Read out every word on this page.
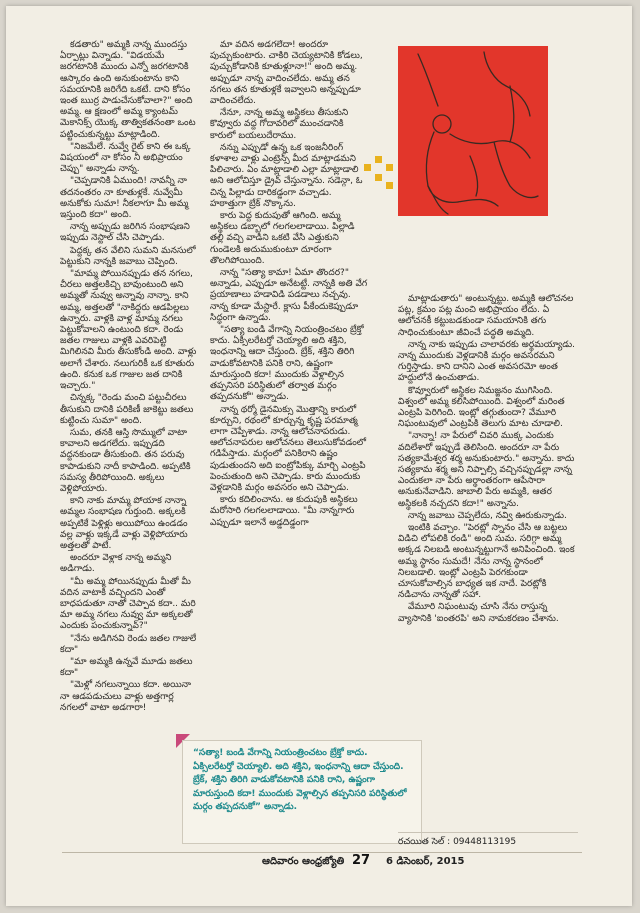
కడతారు" అమ్మకి నాన్న ముందస్తు ఏర్పాట్లు విన్నాడు. "విడయమే జరగటానికి ముందు ఎన్నో జరగటానికి ఆస్కారం ఉంది అనుకుంటాను కాని సమయానికి జరిగేది ఒకటే. దాని కోసం ఇంత ఋర్ర పాడుచేసుకోవాలా?" అంది అమ్మ. ఆ క్షణంలో అమ్మ క్యాంటమ్ మెకానిక్స్ యొక్క తాత్వికతనంతా ఒంట పట్టించుకున్నట్టు మాట్లాడింది.

"నిజమేలే. నువ్వే రైట్ కాని ఈ ఒక్క విషయంలో నా కోసం నీ అభిప్రాయం చెప్పు" అన్నాడు నాన్న.

"చెప్పడానికి ఏముంది! నావన్నీ నా తదనంతరం నా కూతుళ్లకే. నువ్వేమీ అనుకోకు సుమా! నీకలాగూ మీ అమ్మ ఇస్తుంది కదా" అంది.

నాన్న అప్పుడు జరిగిన సంభాషణని ఇప్పుడు నెస్టాల్ చేసి చెప్పాడు.

పెద్దక్క తన వేలిని సుమని మనసులో పెట్టుకుని నాన్నకి జవాబు చెప్పింది.

"మామ్మ పోయినప్పుడు తన నగలు, చీరలు అత్తలకిచ్చి బావుంటుంది అని అమ్మతో నువ్వు అన్నావు నాన్నా. కాని అమ్మ, అత్తలతో "నాకిద్దరు ఆడపిల్లలు ఉన్నారు. వాళ్లకి వాళ్ల మామ్మ నగలు పెట్టుకోవాలని ఉంటుంది కదా. రెండు జతల గాజులు వాళ్లకి ఎవరిపెట్టి మిగిలినవి మీరు తీసుకోండి అంది. వాళ్లు అలాగే చేశారు. నలుగురికీ ఒక కూతురు ఉంది. కనుక ఒక గాజుల జత దానికి ఇచ్చారు."

చిన్నక్క "రెండు మంచి పట్టుచీరలు తీసుకుని దానికి పరికిణీ జాకెట్టు జతలు కుట్టించు సుమా" అంది.

సుమ, తనకి ఆస్తి సొమ్ములో వాటా కావాలని అడగలేదు. ఇప్పుడది వద్దనకుండా తీసుకుంది. తన పరువు కాపాడుకుని నాదీ కాపాడింది. అప్పటికి సమస్య తీరిపోయింది. అక్కలు వెళ్లిపోయారు.

కాని నాకు మామ్మ పోయాక నాన్నా అమ్మల సంభాషణ గుర్తుంది. అక్కలకి అప్పటికే పెళ్లిళ్లు అయిపోయి ఉండడం వల్ల వాళ్లు ఇక్కడే వాళ్లు వెళ్లిపోయారు అత్తలతో పాటే.

అందరూ వెళ్లాక నాన్న అమ్మని అడిగాడు.

"మీ అమ్మ పోయినప్పుడు మీతో మీ వదిన వాటాకి వచ్చిందని ఎంతో బాధపడుతూ నాతో చెప్పావ కదా.. మరి మా అమ్మ నగలు నువ్వు మా అక్కలతో ఎందుకు పంచుకున్నావ్?"

"నేను అడిగినవి రెండు జతల గాజులే కదా"

"మా అమ్మకి ఉన్నవే మూడు జతలు కదా"

"మెళ్లో నగలున్నాయి కదా. అయినా నా ఆడపడుచులు వాళ్లు అత్తగార్ల నగలలో వాటా అడగారా!

మా వదిన అడగలేదా! అందరూ పుచ్చుకుంటారు. చాకిరి చెయ్యటానికి కోడలు, పుచ్చుకోడానికి కూతుళ్లూనా!" అంది అమ్మ. అప్పుడూ నాన్న వాదించలేదు. అమ్మ తన నగలు తన కూతుళ్లకే ఇవ్వాలని అన్నప్పుడూ వాదించలేదు.

నేనూ, నాన్న అమ్మ అస్థికలు తీసుకుని కొవ్వూరు వద్ద గోదావరిలో ముంచడానికి కారులో బయలుదేరాము.

నన్ను ఎప్పుడో ఉన్న ఒక ఇంజనీరింగ్ కళాశాల వాళ్లు ఎంట్రెన్స్ మీద మాట్లాడమని పిలిచారు. ఏం మాట్లాడాలి ఎల్లా మాట్లాడాలి అని ఆలోచిస్తూ డ్రైవ్ చేస్తున్నాను. సడెన్గా, ఓ చిన్న పిల్లాడు దారికడ్డంగా వచ్చాడు. హఠాత్తుగా బ్రేక్ నొక్కాను.

కారు పెద్ద కుదుపుతో ఆగింది. అమ్మ అస్థికలు డబ్బాలో గలగలలాడాయి. పిల్లాడి తల్లి వచ్చి వాడిని ఒకటి వేసి ఎత్తుకుని గుండెలకి అదుముకుంటూ దూరంగా తొలగిపోయింది.

నాన్న "సత్యా కామా! ఏమా తొందర?" అన్నాడు, ఎప్పుడూ అనేటట్టే. నాన్నకి అతి వేగ ప్రయాణాలు హడావిడి పడడాలు నచ్చవు. నాన్న కూడా మేస్టారే. క్లాసు పీకేందుకెప్పుడూ సిద్ధంగా ఉన్నాడు.

"సత్యా బండి వేగాన్ని నియంత్రించటం బ్రేక్తో కాదు. ఏక్సిలరేటర్తో చెయ్యాలి అది శక్తిని, ఇంధనాన్ని ఆదా చేస్తుంది. బ్రేక్, శక్తిని తిరిగి వాడుకోవటానికి పనికి రాని, ఉష్ణంగా మారుస్తుంది కదా! ముందుకు వెళ్లాల్సిన తప్పనిసరి పరిస్థితులో తర్వాత మర్గం తప్పదనుకో" అన్నాడు.

నాన్న థర్మో డైనమిక్సు మొత్తాన్ని కారులో కూర్చుని, రథంలో కూర్చున్న కృష్ణ పరమాత్మ లాగా చెప్పేశాడు. నాన్న ఆలోచనాపరుడు. ఆలోచనాపరుల ఆలోచనలు తెలుసుకోవడంలో గడిపేస్తాడు. మర్గంలో పనికిరాని ఉష్ణం పుడుతుందని అది ఐంట్రోపిక్కు మార్చి ఎంట్రపి పెంచుతుంది అని చెప్పాడు. కారు ముందుకు వెళ్లడానికి మర్గం అవసరం అని చెప్పాడు.

కారు కదిలించాను. ఆ కుదుపుకి అస్థికలు మరోసారి గలగలలాడాయి. "మీ నాన్నగారు ఎప్పుడూ ఇలానే అడ్డదిడ్డంగా

మాట్లాడుతారు" అంటున్నట్టు. అమ్మకి ఆలోచనల పట్ల, క్రమం పట్ల మంచి అభిప్రాయం లేదు. ఏ ఆలోచనకీ కట్టుబడకుండా సమయానికి తగు సాధించుకుంటూ జీవించే పద్ధతి అమ్మది.

నాన్న నాకు ఇప్పుడు చాలావరకు అర్థమయ్యాడు. నాన్న ముందుకు వెళ్లడానికి మర్గం అవసరమని గుర్తిస్తాడు. కాని దానిని ఎంత అవసరమో అంత హద్దులోనే ఉంచుతాడు.

కొవ్వూరులో అస్థికల నిమజ్జనం ముగిసింది. విశ్వంలో అమ్మ కలిసిపోయింది. విశ్వంలో మరింత ఎంట్రపి పెరిగింది. ఇంట్లో తగ్గుతుందా? వేమూరి నిఘంటువులో ఎంట్రపికి తెలుగు మాట చూడాలి.

"నాన్నా! నా పేరులో చివరి ముక్క ఎందుకు వదిలేశారో ఇప్పుడే తెలిసింది. అందరూ నా పేరు సత్యకామేశ్వర శర్మ అనుకుంటారు." అన్నాను. కాదు సత్యకామ శర్మ అని నిప్పాల్సి వచ్చినప్పుడల్లా నాన్న ఎందుకలా నా పేరు అర్థాంతరంగా ఆపేసారా అనుకునేవాడిని. జాబాలి పేరు అమ్మకి, ఆతర అస్థికలకి నచ్చదని కదా!" అన్నాను.

నాన్న జవాబు చెప్పలేదు, నవ్వి ఊరుకున్నాడు.

ఇంటికి వచ్చాం. "పెరట్లో స్నానం చేసి ఆ బట్టలు విడిచి లోపలికి రండి" అంది సుమ. సరిగ్గా అమ్మ అక్కడ నిలబడి అంటున్నట్టుగానే అనిపించింది. ఇంక అమ్మ స్థానం సుమదే! నేను నాన్న స్థానంలో నిలబడాలి. ఇంట్లో ఎంట్రపి పెరగకుండా చూసుకోవాల్సిన బాధ్యత ఇక నాదే. పెరట్లోకి నడిచాను నాన్నతో సహా.

వేమూరి నిఘంటువు చూసి నేను రాస్తున్న వ్యాసానికి 'ఐంతరపి' అని నామకరణం చేశాను.

“సత్యా! బండి వేగాన్ని నియంత్రించటం బ్రేక్తో కాదు. ఏక్సిలరేటర్తో చెయ్యాలి. అది శక్తిని, ఇంధనాన్ని ఆదా చేస్తుంది. బ్రేక్, శక్తిని తిరిగి వాడుకోవటానికి పనికి రాని, ఉష్ణంగా మారుస్తుంది కదా! ముందుకు వెళ్లాల్సిన తప్పనిసరి పరిస్థితులో మర్గం తప్పదనుకో” అన్నాడు.
రచయిత సెల్ : 09448113195
ఆదివారం ఆంధ్రజ్యోతి 27 6 డిసెంబర్, 2015
